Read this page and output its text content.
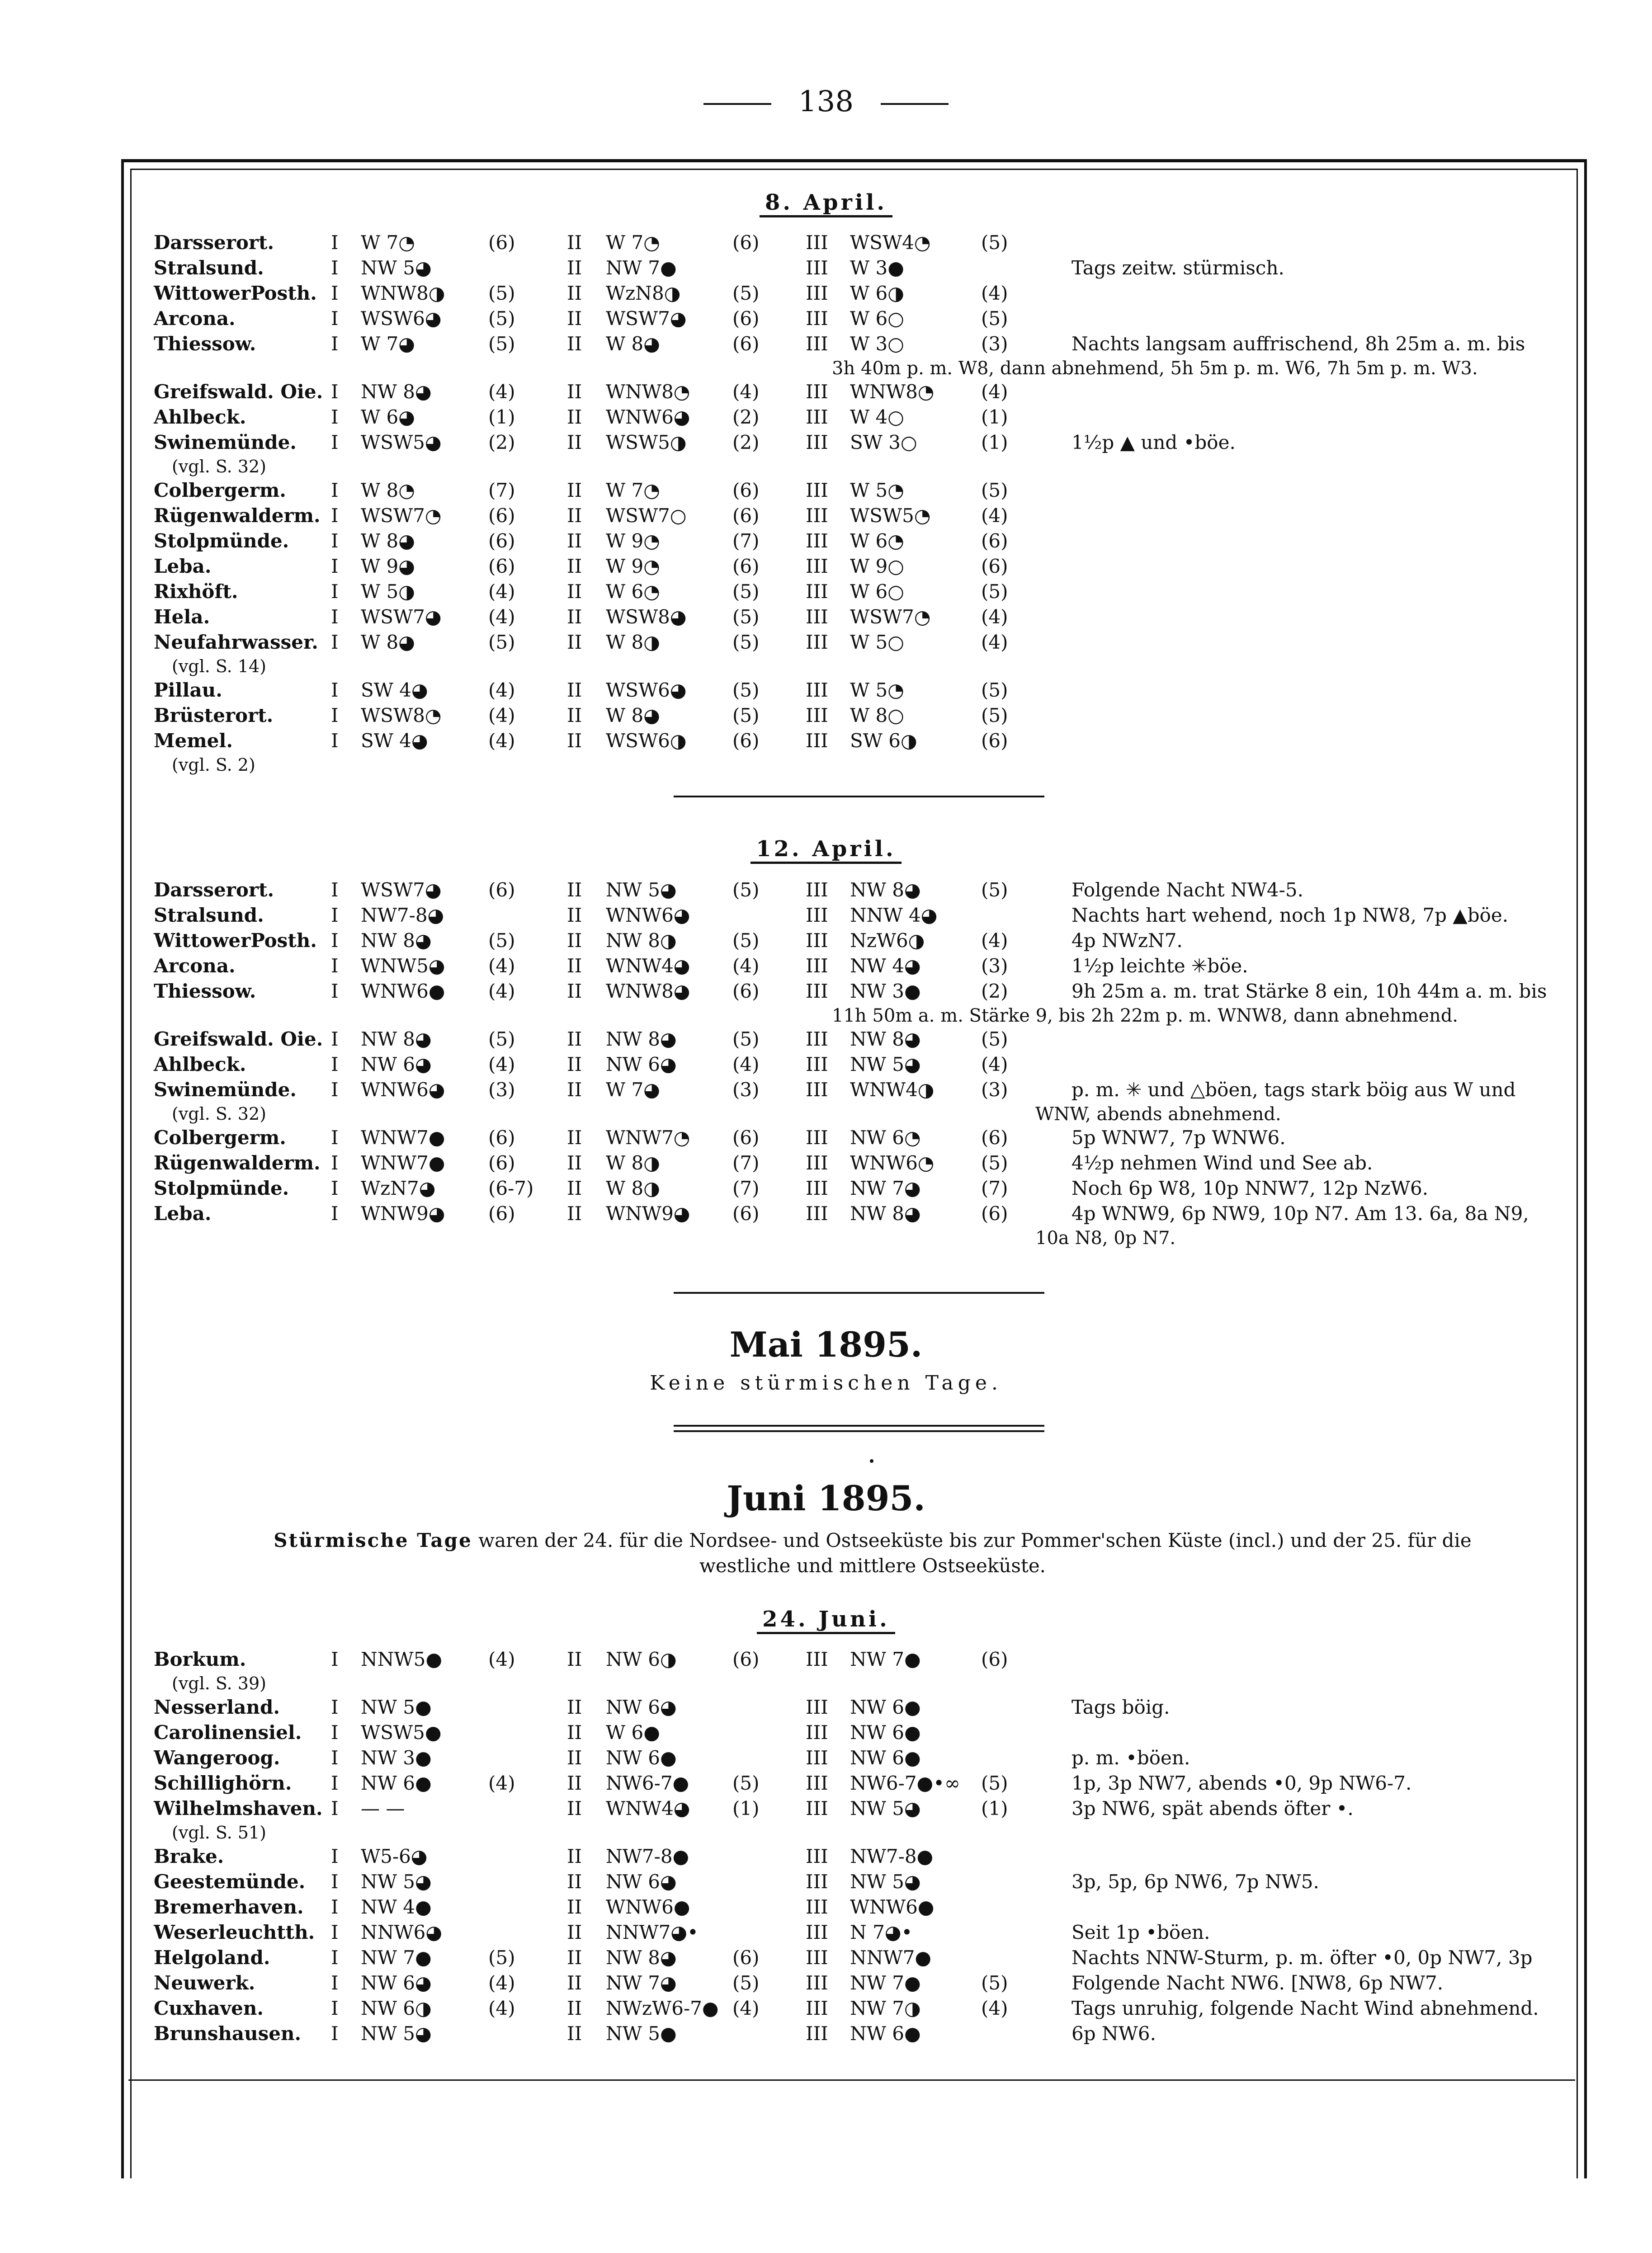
138
8. April.
Darsserort.	I W 7◔	(6)	II W 7◔	(6) III WSW4◔	(5)
Stralsund.	I NW 5◕	II NW 7●	III W 3●	Tags zeitw. stürmisch.
WittowerPosth. I WNW8◑ (5)	II WzN8◑	(5) III W 6◑	(4)
Arcona.	I WSW6◕ (5)	II WSW7◕ (6) III W 6○	(5)
Thiessow.	I W 7◕	(5)	II W 8◕	(6) III W 3○	(3)	Nachts langsam auffrischend, 8h 25m a. m. bis
3h 40m p. m. W8, dann abnehmend, 5h 5m p. m. W6, 7h 5m p. m. W3.
Greifswald. Oie. I NW 8◕	(4)	II WNW8◔ (4) III WNW8◔ (4)
Ahlbeck.	I W 6◕	(1)	II WNW6◕ (2) III W 4○	(1)
Swinemünde. I WSW5◕ (2)	II WSW5◑ (2) III SW 3○	(1)	1½p ▲ und •böe.
(vgl. S. 32)
Colbergerm. I W 8◔	(7)	II W 7◔	(6) III W 5◔	(5)
Rügenwalderm. I WSW7◔ (6)	II WSW7○ (6) III WSW5◔	(4)
Stolpmünde. I W 8◕	(6)	II W 9◔	(7) III W 6◔	(6)
Leba.	I W 9◕	(6)	II W 9◔	(6) III W 9○	(6)
Rixhöft.	I W 5◑	(4)	II W 6◔	(5) III W 6○	(5)
Hela.	I WSW7◕ (4)	II WSW8◕ (5) III WSW7◔	(4)
Neufahrwasser. I W 8◕	(5)	II W 8◑	(5) III W 5○	(4)
(vgl. S. 14)
Pillau.	I SW 4◕	(4)	II WSW6◕ (5) III W 5◔	(5)
Brüsterort.	I WSW8◔ (4)	II W 8◕	(5) III W 8○	(5)
Memel.	I SW 4◕	(4)	II WSW6◑ (6) III SW 6◑	(6)
(vgl. S. 2)
12. April.
Darsserort.	I WSW7◕ (6)	II NW 5◕	(5) III NW 8◕	(5)	Folgende Nacht NW4-5.
Stralsund.	I NW7-8◕	II WNW6◕	III NNW 4◕	Nachts hart wehend, noch 1p NW8, 7p ▲böe.
WittowerPosth. I NW 8◕	(5)	II NW 8◑	(5) III NzW6◑	(4)	4p NWzN7.
Arcona.	I WNW5◕ (4)	II WNW4◕ (4) III NW 4◕	(3)	1½p leichte ✳böe.
Thiessow.	I WNW6● (4)	II WNW8◕ (6) III NW 3●	(2)	9h 25m a. m. trat Stärke 8 ein, 10h 44m a. m. bis
11h 50m a. m. Stärke 9, bis 2h 22m p. m. WNW8, dann abnehmend.
Greifswald. Oie. I NW 8◕	(5)	II NW 8◕	(5) III NW 8◕	(5)
Ahlbeck.	I NW 6◕	(4)	II NW 6◕	(4) III NW 5◕	(4)
Swinemünde. I WNW6◕ (3)	II W 7◕	(3) III WNW4◑ (3)	p. m. ✳ und △böen, tags stark böig aus W und
(vgl. S. 32)	WNW, abends abnehmend.
Colbergerm. I WNW7● (6)	II WNW7◔ (6) III NW 6◔	(6)	5p WNW7, 7p WNW6.
Rügenwalderm. I WNW7● (6)	II W 8◑	(7) III WNW6◔ (5)	4½p nehmen Wind und See ab.
Stolpmünde. I WzN7◕	(6-7) II W 8◑	(7) III NW 7◕	(7)	Noch 6p W8, 10p NNW7, 12p NzW6.
Leba.	I WNW9◕ (6)	II WNW9◕ (6) III NW 8◕	(6)	4p WNW9, 6p NW9, 10p N7. Am 13. 6a, 8a N9,
10a N8, 0p N7.
Mai 1895.
Keine stürmischen Tage.
Juni 1895.
Stürmische Tage waren der 24. für die Nordsee- und Ostseeküste bis zur Pommer'schen Küste (incl.) und der 25. für die
westliche und mittlere Ostseeküste.
24. Juni.
Borkum.	I NNW5● (4)	II NW 6◑	(6) III NW 7●	(6)
(vgl. S. 39)
Nesserland.	I NW 5●	II NW 6◕	III NW 6●	Tags böig.
Carolinensiel. I WSW5●	II W 6●	III NW 6●
Wangeroog.	I NW 3●	II NW 6●	III NW 6●	p. m. •böen.
Schillighörn. I NW 6●	(4)	II NW6-7● (5) III NW6-7●•∞ (5)	1p, 3p NW7, abends •0, 9p NW6-7.
Wilhelmshaven. I — —	II WNW4◕ (1) III NW 5◕	(1)	3p NW6, spät abends öfter •.
(vgl. S. 51)
Brake.	I W5-6◕	II NW7-8●	III NW7-8●
Geestemünde. I NW 5◕	II NW 6◕	III NW 5◕	3p, 5p, 6p NW6, 7p NW5.
Bremerhaven. I NW 4●	II WNW6●	III WNW6●
Weserleuchtth. I NNW6◕	II NNW7◕•	III N 7◕•	Seit 1p •böen.
Helgoland.	I NW 7●	(5)	II NW 8◕	(6) III NNW7●	Nachts NNW-Sturm, p. m. öfter •0, 0p NW7, 3p
Neuwerk.	I NW 6◕	(4)	II NW 7◕	(5) III NW 7●	(5)	Folgende Nacht NW6. [NW8, 6p NW7.
Cuxhaven.	I NW 6◑	(4)	II NWzW6-7● (4) III NW 7◑	(4)	Tags unruhig, folgende Nacht Wind abnehmend.
Brunshausen. I NW 5◕	II NW 5●	III NW 6●	6p NW6.
